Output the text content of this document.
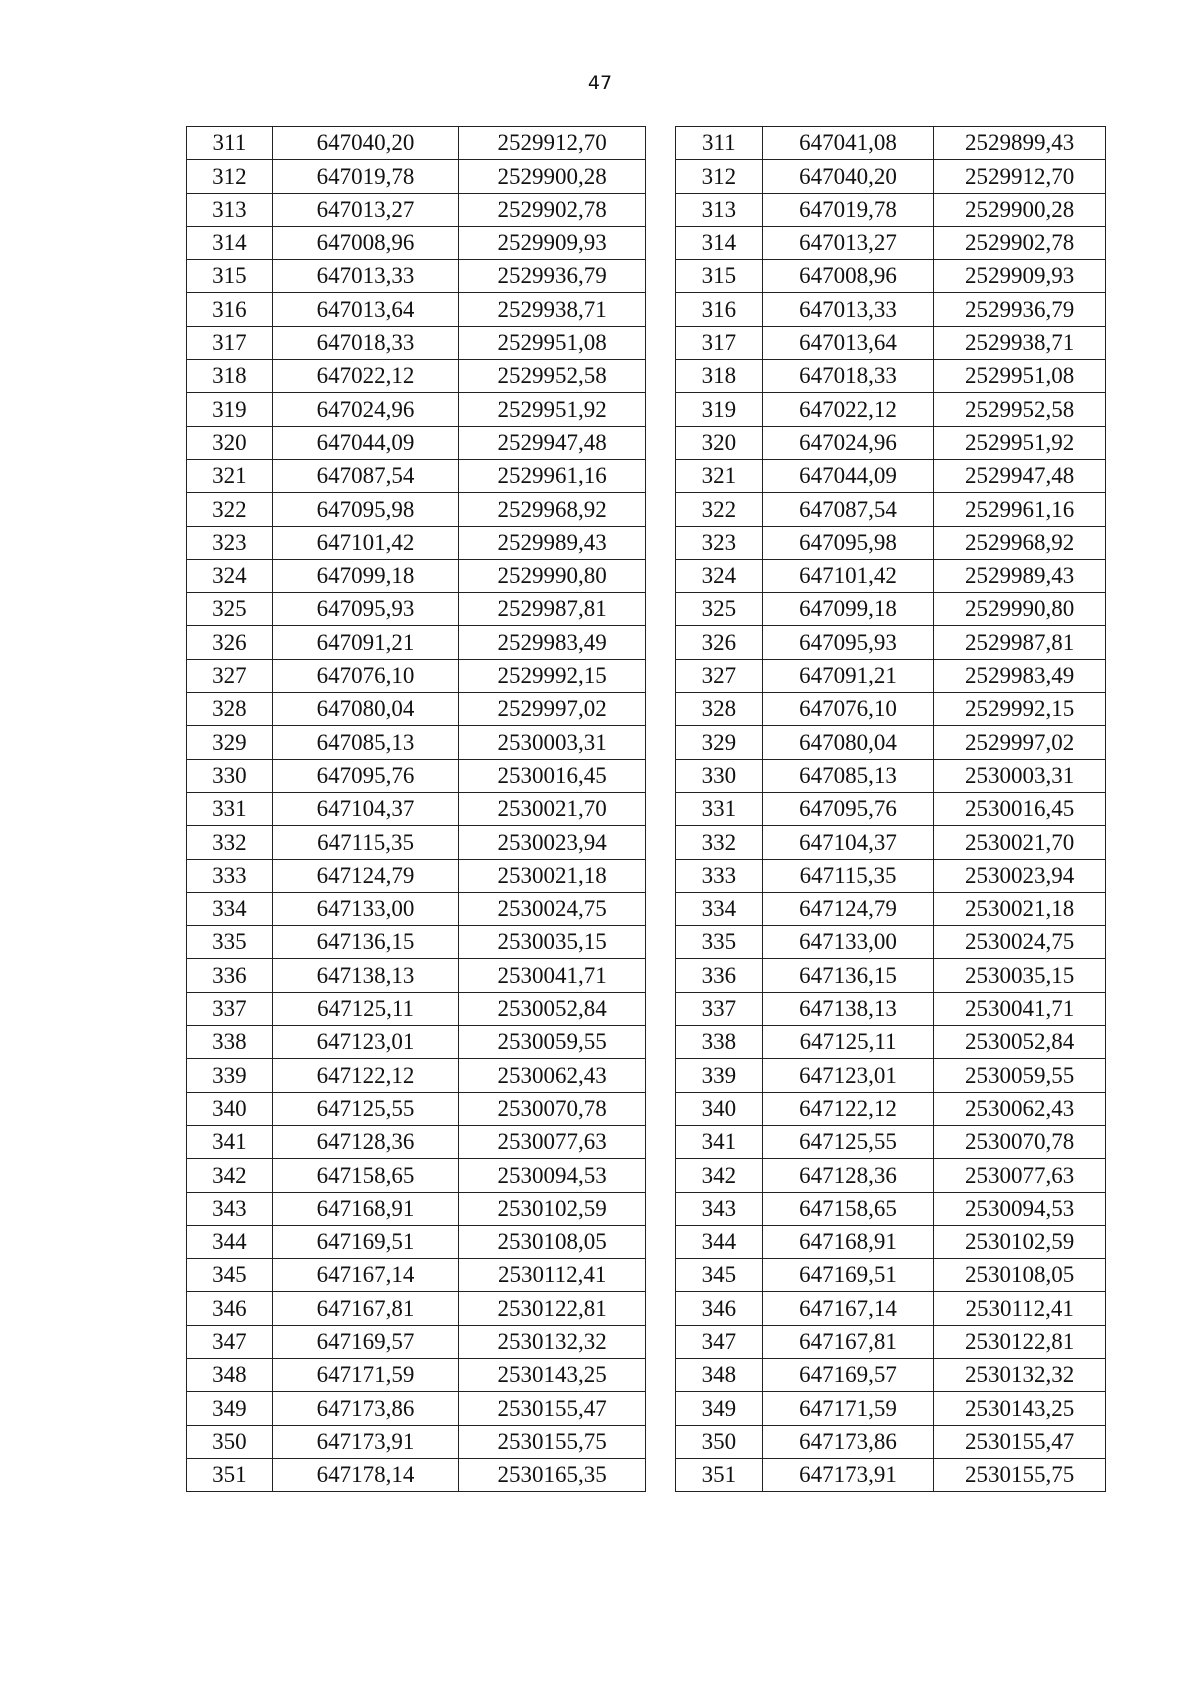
47
311	647040,20	2529912,70
312	647019,78	2529900,28
313	647013,27	2529902,78
314	647008,96	2529909,93
315	647013,33	2529936,79
316	647013,64	2529938,71
317	647018,33	2529951,08
318	647022,12	2529952,58
319	647024,96	2529951,92
320	647044,09	2529947,48
321	647087,54	2529961,16
322	647095,98	2529968,92
323	647101,42	2529989,43
324	647099,18	2529990,80
325	647095,93	2529987,81
326	647091,21	2529983,49
327	647076,10	2529992,15
328	647080,04	2529997,02
329	647085,13	2530003,31
330	647095,76	2530016,45
331	647104,37	2530021,70
332	647115,35	2530023,94
333	647124,79	2530021,18
334	647133,00	2530024,75
335	647136,15	2530035,15
336	647138,13	2530041,71
337	647125,11	2530052,84
338	647123,01	2530059,55
339	647122,12	2530062,43
340	647125,55	2530070,78
341	647128,36	2530077,63
342	647158,65	2530094,53
343	647168,91	2530102,59
344	647169,51	2530108,05
345	647167,14	2530112,41
346	647167,81	2530122,81
347	647169,57	2530132,32
348	647171,59	2530143,25
349	647173,86	2530155,47
350	647173,91	2530155,75
351	647178,14	2530165,35
311	647041,08	2529899,43
312	647040,20	2529912,70
313	647019,78	2529900,28
314	647013,27	2529902,78
315	647008,96	2529909,93
316	647013,33	2529936,79
317	647013,64	2529938,71
318	647018,33	2529951,08
319	647022,12	2529952,58
320	647024,96	2529951,92
321	647044,09	2529947,48
322	647087,54	2529961,16
323	647095,98	2529968,92
324	647101,42	2529989,43
325	647099,18	2529990,80
326	647095,93	2529987,81
327	647091,21	2529983,49
328	647076,10	2529992,15
329	647080,04	2529997,02
330	647085,13	2530003,31
331	647095,76	2530016,45
332	647104,37	2530021,70
333	647115,35	2530023,94
334	647124,79	2530021,18
335	647133,00	2530024,75
336	647136,15	2530035,15
337	647138,13	2530041,71
338	647125,11	2530052,84
339	647123,01	2530059,55
340	647122,12	2530062,43
341	647125,55	2530070,78
342	647128,36	2530077,63
343	647158,65	2530094,53
344	647168,91	2530102,59
345	647169,51	2530108,05
346	647167,14	2530112,41
347	647167,81	2530122,81
348	647169,57	2530132,32
349	647171,59	2530143,25
350	647173,86	2530155,47
351	647173,91	2530155,75
